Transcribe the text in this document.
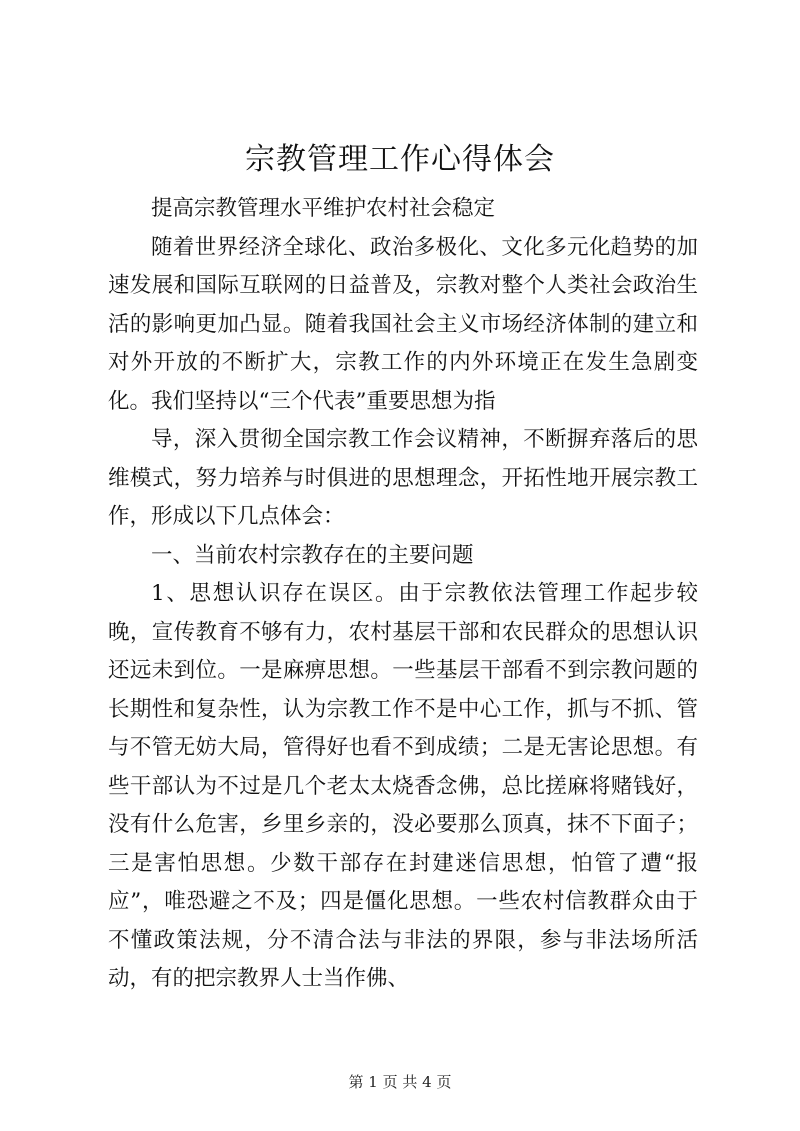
宗教管理工作心得体会

提高宗教管理水平维护农村社会稳定

随着世界经济全球化、政治多极化、文化多元化趋势的加速发展和国际互联网的日益普及，宗教对整个人类社会政治生活的影响更加凸显。随着我国社会主义市场经济体制的建立和对外开放的不断扩大，宗教工作的内外环境正在发生急剧变化。我们坚持以“三个代表”重要思想为指

导，深入贯彻全国宗教工作会议精神，不断摒弃落后的思维模式，努力培养与时俱进的思想理念，开拓性地开展宗教工作，形成以下几点体会：

一、当前农村宗教存在的主要问题

1、思想认识存在误区。由于宗教依法管理工作起步较晚，宣传教育不够有力，农村基层干部和农民群众的思想认识还远未到位。一是麻痹思想。一些基层干部看不到宗教问题的长期性和复杂性，认为宗教工作不是中心工作，抓与不抓、管与不管无妨大局，管得好也看不到成绩；二是无害论思想。有些干部认为不过是几个老太太烧香念佛，总比搓麻将赌钱好，没有什么危害，乡里乡亲的，没必要那么顶真，抹不下面子；三是害怕思想。少数干部存在封建迷信思想，怕管了遭“报应”，唯恐避之不及；四是僵化思想。一些农村信教群众由于不懂政策法规，分不清合法与非法的界限，参与非法场所活动，有的把宗教界人士当作佛、

第 1 页 共 4 页
